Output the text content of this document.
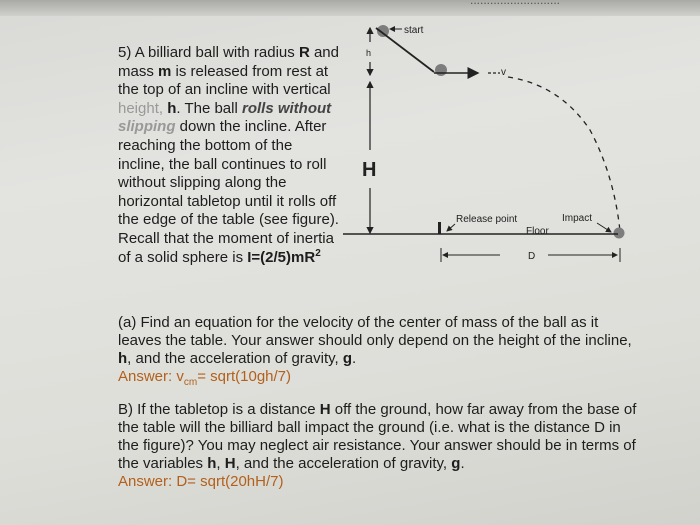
...........................
5) A billiard ball with radius R and mass m is released from rest at the top of an incline with vertical height, h. The ball rolls without slipping down the incline. After reaching the bottom of the incline, the ball continues to roll without slipping along the horizontal tabletop until it rolls off the edge of the table (see figure). Recall that the moment of inertia of a solid sphere is $I=(2/5)mR^2$
start
v
h
H
Release point	Impact
Floor
D
(a) Find an equation for the velocity of the center of mass of the ball as it leaves the table. Your answer should only depend on the height of the incline, h, and the acceleration of gravity, g.
Answer: $v_{cm}=$ sqrt(10gh/7)
B) If the tabletop is a distance H off the ground, how far away from the base of the table will the billiard ball impact the ground (i.e. what is the distance D in the figure)? You may neglect air resistance. Your answer should be in terms of the variables h, H, and the acceleration of gravity, g.
Answer: D= sqrt(20hH/7)
